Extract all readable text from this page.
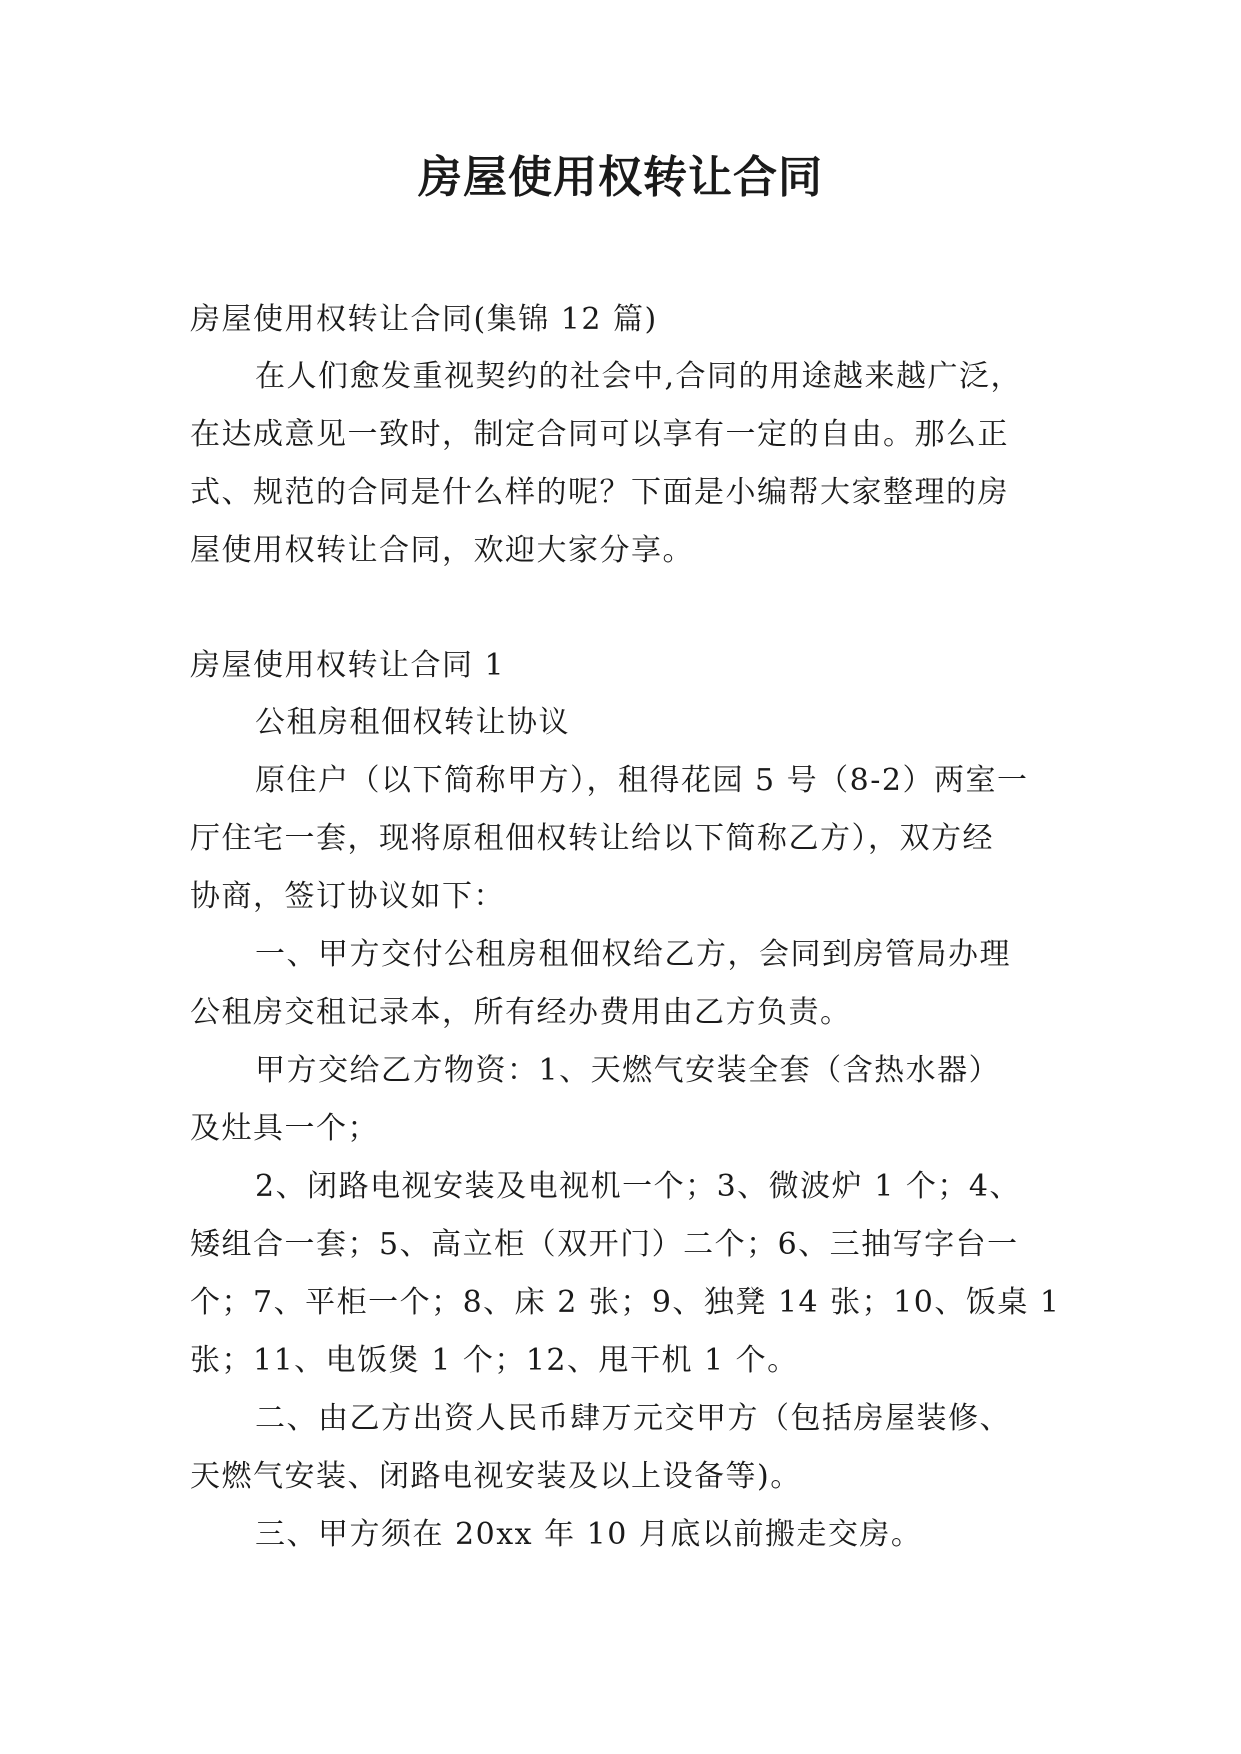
房屋使用权转让合同

房屋使用权转让合同(集锦 12 篇)

在人们愈发重视契约的社会中,合同的用途越来越广泛，

在达成意见一致时，制定合同可以享有一定的自由。那么正

式、规范的合同是什么样的呢？下面是小编帮大家整理的房

屋使用权转让合同，欢迎大家分享。

房屋使用权转让合同 1

公租房租佃权转让协议

原住户（以下简称甲方），租得花园 5 号（8-2）两室一

厅住宅一套，现将原租佃权转让给以下简称乙方），双方经

协商，签订协议如下：

一、甲方交付公租房租佃权给乙方，会同到房管局办理

公租房交租记录本，所有经办费用由乙方负责。

甲方交给乙方物资：1、天燃气安装全套（含热水器）

及灶具一个；

2、闭路电视安装及电视机一个；3、微波炉 1 个；4、

矮组合一套；5、高立柜（双开门）二个；6、三抽写字台一

个；7、平柜一个；8、床 2 张；9、独凳 14 张；10、饭桌 1

张；11、电饭煲 1 个；12、甩干机 1 个。

二、由乙方出资人民币肆万元交甲方（包括房屋装修、

天燃气安装、闭路电视安装及以上设备等)。

三、甲方须在 20xx 年 10 月底以前搬走交房。
